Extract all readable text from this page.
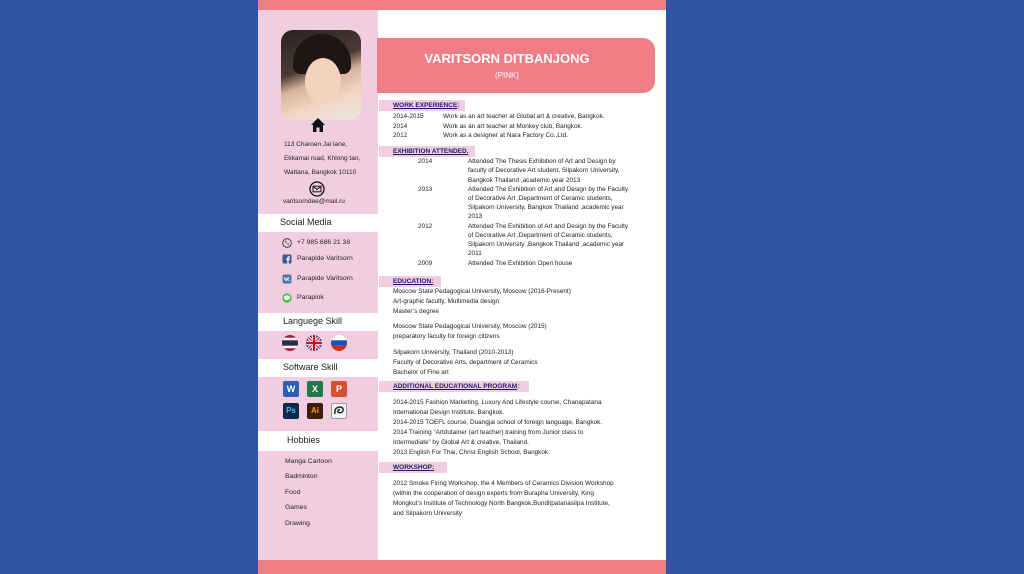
113 Charoen Jai lane,
Ekkamai road, Khlong tan,
Wattana, Bangkok 10110
varitsorndee@mail.ru
Social Media
+7 985 686 21 38
Parapide Varitsorn
Parapide Varitsorn
Parapink
Languege Skill
Software Skill
W	X	P
Ps	Ai
Hobbies
Manga Cartoon
Badminton
Food
Games
Drawing
VARITSORN DITBANJONG
(PINK)
WORK EXPERIENCE:
2014-2015	Work as an art teacher at Global art & creative, Bangkok.
2014	Work as an art teacher at Monkey club, Bangkok.
2012	Work as a designer at Nara Factory Co.,Ltd.
EXHIBITION ATTENDED.
2014	Attended The Thesis Exhibition of Art and Design by
faculty of Decorative Art student, Silpakorn University,
Bangkok Thailand ,academic year 2013
2013	Attended The Exhibition of Art and Design by the Faculty
of Decorative Art ,Department of Ceramic students,
Silpakorn University, Bangkok Thailand ,academic year
2013
2012	Attended The Exhibition of Art and Design by the Faculty
of Decorative Art ,Department of Ceramic students,
Silpakorn University ,Bangkok Thailand ,academic year
2011
2009	Attended The Exhibition Open house
EDUCATION:
Moscow State Pedagogical University, Moscow (2016-Present)
Art-graphic faculty, Multimedia design
Master’s degree
Moscow State Pedagogical University, Moscow (2015)
preparatory faculty for foreign citizens
Silpakorn University, Thailand (2010-2013)
Faculty of Decorative Arts, department of Ceramics
Bachelor of Fine art
ADDITIONAL EDUCATIONAL PROGRAM:
2014-2015 Fashion Marketing, Luxury And Lifestyle course, Chanapatana
International Design Institute, Bangkok.
2014-2015 TOEFL course, Duangjai school of foreign language, Bangkok.
2014 Training “Artdutainer (art teacher) training from Junior class to
Intermediate” by Global Art & creative, Thailand.
2013 English For Thai, Christ English School, Bangkok.
WORKSHOP:
2012 Smoke Firing Workshop, the 4 Members of Ceramics Division Workshop
(within the cooperation of design experts from Burapha University, King
Mongkut’s Institute of Technology North Bangkok,Bunditpatanasilpa Institute,
and Silpakorn University
